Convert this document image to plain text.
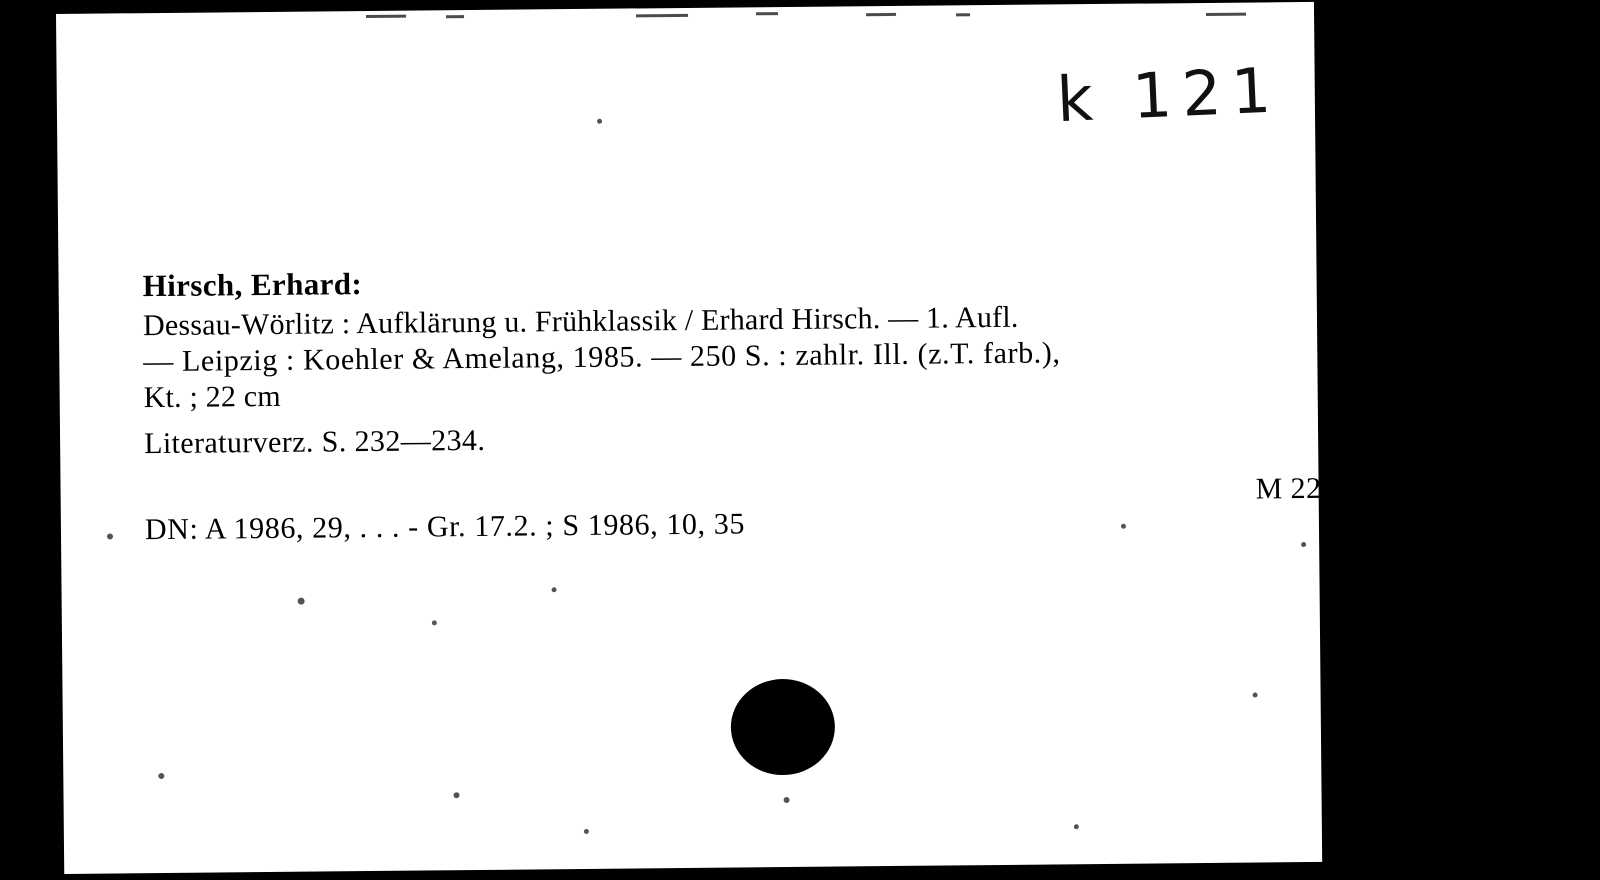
k 121
Hirsch, Erhard:
Dessau-Wörlitz : Aufklärung u. Frühklassik / Erhard Hirsch. — 1. Aufl.
— Leipzig : Koehler & Amelang, 1985. — 250 S. : zahlr. Ill. (z.T. farb.),
Kt. ; 22 cm
Literaturverz. S. 232—234.
DN: A 1986, 29, . . . - Gr. 17.2. ; S 1986, 10, 35
M 22.80
